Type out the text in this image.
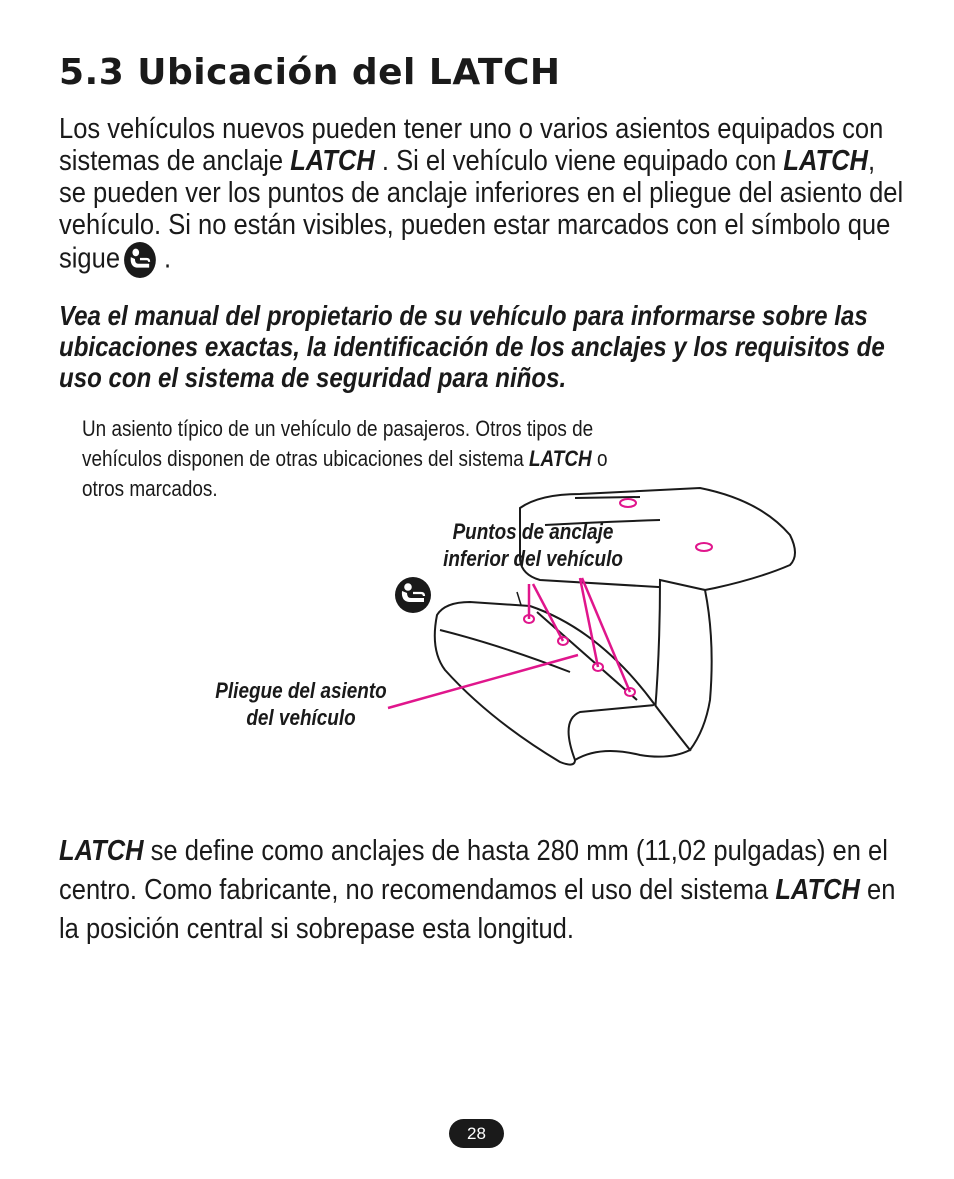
5.3 Ubicación del LATCH

Los vehículos nuevos pueden tener uno o varios asientos equipados con sistemas de anclaje LATCH . Si el vehículo viene equipado con LATCH, se pueden ver los puntos de anclaje inferiores en el pliegue del asiento del vehículo. Si no están visibles, pueden estar marcados con el símbolo que sigue .

Vea el manual del propietario de su vehículo para informarse sobre las ubicaciones exactas, la identificación de los anclajes y los requisitos de uso con el sistema de seguridad para niños.

Un asiento típico de un vehículo de pasajeros. Otros tipos de vehículos disponen de otras ubicaciones del sistema LATCH o otros marcados.

Puntos de anclaje
inferior del vehículo
Pliegue del asiento
del vehículo

LATCH se define como anclajes de hasta 280 mm (11,02 pulgadas) en el centro. Como fabricante, no recomendamos el uso del sistema LATCH en la posición central si sobrepase esta longitud.

28
